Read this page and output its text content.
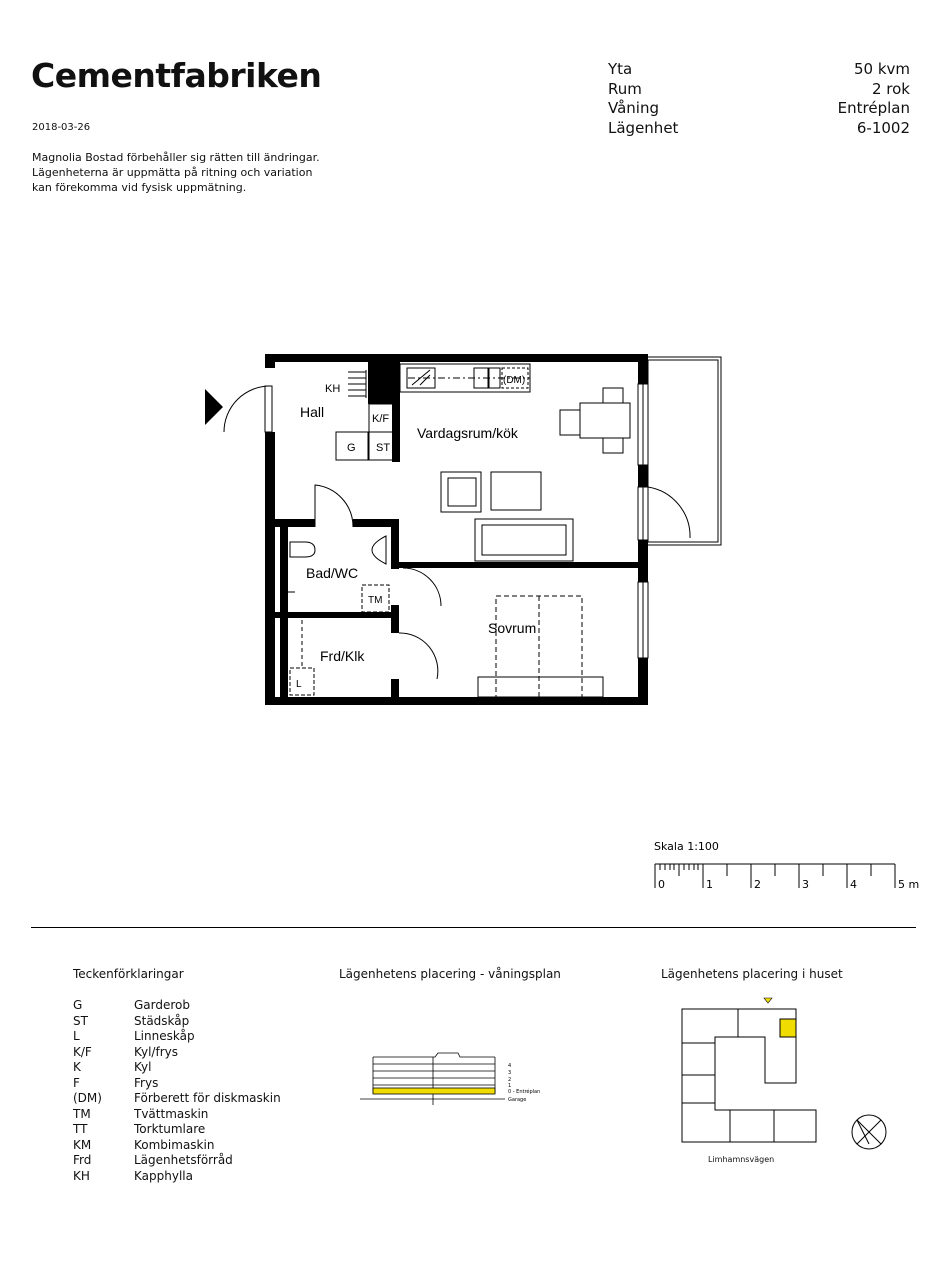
Cementfabriken
2018-03-26
Magnolia Bostad förbehåller sig rätten till ändringar.
Lägenheterna är uppmätta på ritning och variation
kan förekomma vid fysisk uppmätning.
Yta	50 kvm
Rum	2 rok
Våning	Entréplan
Lägenhet	6-1002
Hall
Vardagsrum/kök
Bad/WC
Frd/Klk
Sovrum
KH
K/F
G ST
(DM)
TM
L
Skala 1:100
0	1	2	3	4	5 m
Teckenförklaringar
G	Garderob
ST	Städskåp
L	Linneskåp
K/F	Kyl/frys
K	Kyl
F	Frys
(DM)	Förberett för diskmaskin
TM	Tvättmaskin
TT	Torktumlare
KM	Kombimaskin
Frd	Lägenhetsförråd
KH	Kapphylla
Lägenhetens placering - våningsplan
4
3
2
1
0 - Entréplan
Garage
Lägenhetens placering i huset
Limhamnsvägen
